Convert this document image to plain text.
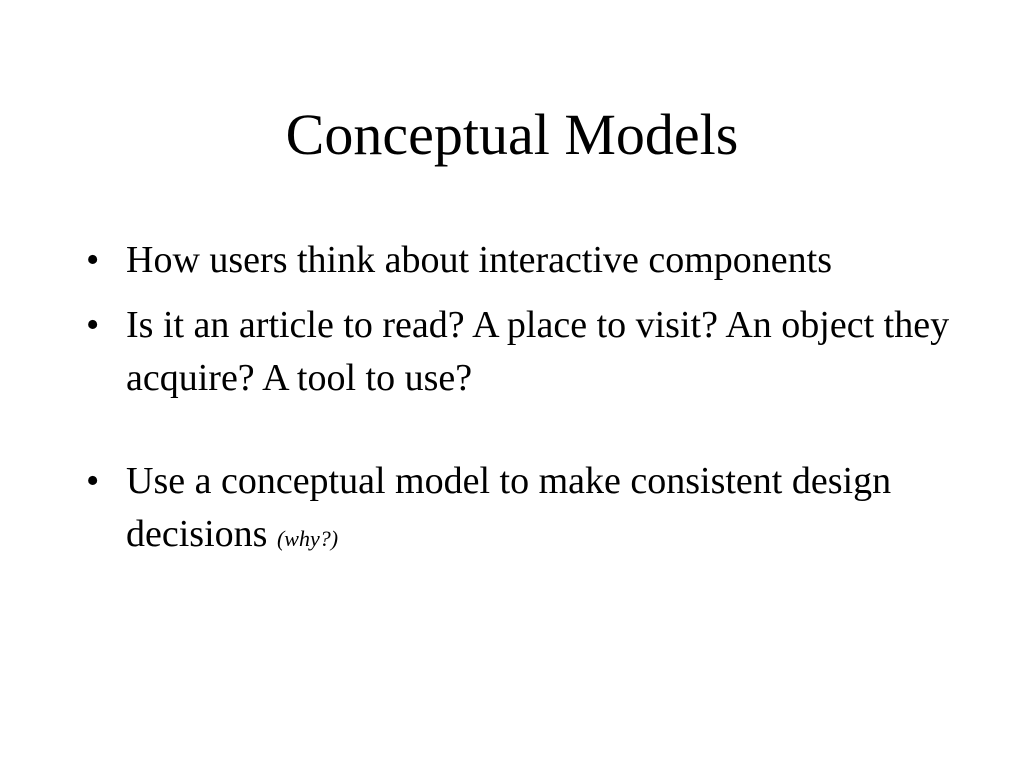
Conceptual Models
• How users think about interactive components
• Is it an article to read? A place to visit? An object they acquire? A tool to use?
• Use a conceptual model to make consistent design decisions (why?)
